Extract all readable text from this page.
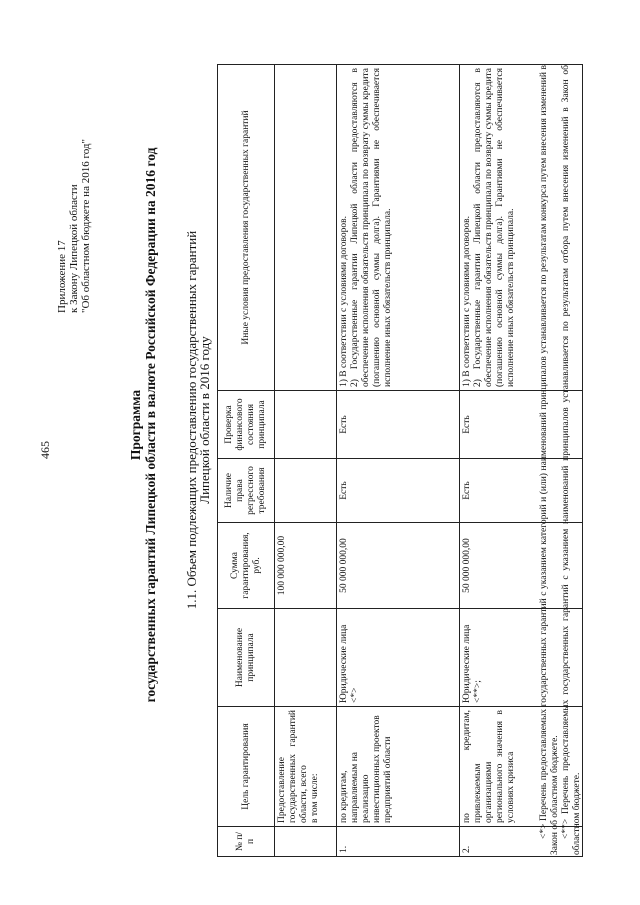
465
Приложение 17 к Закону Липецкой области "Об областном бюджете на 2016 год"
Программа государственных гарантий Липецкой области в валюте Российской Федерации на 2016 год 1.1. Объем подлежащих предоставлению государственных гарантий
Липецкой области в 2016 году
№ п/п	Цель гарантирования	Наименование принципала	Сумма гарантирования, руб.	Наличие права регрессного требования	Проверка финансового состояния принципала	Иные условия предоставления государственных гарантий

	Предоставление государственных гарантий области, всего в том числе:		100 000 000,00			
1.	по кредитам, направляемым на реализацию инвестиционных проектов предприятий области	Юридические лица <*>	50 000 000,00	Есть	Есть	1) В соответствии с условиями договоров. 2) Государственные гарантии Липецкой области предоставляются в обеспечение исполнения обязательств принципала по возврату суммы кредита (погашению основной суммы долга). Гарантиями не обеспечивается исполнение иных обязательств принципала.

2.	по кредитам, привлекаемым организациями регионального значения в условиях кризиса	Юридические лица <**>;	50 000 000,00	Есть	Есть	1) В соответствии с условиями договоров. 2) Государственные гарантии Липецкой области предоставляются в обеспечение исполнения обязательств принципала по возврату суммы кредита (погашению основной суммы долга). Гарантиями не обеспечивается исполнение иных обязательств принципала. <*> Перечень предоставляемых государственных гарантий с указанием категорий и (или) наименований принципалов устанавливается по результатам конкурса путем внесения изменений в Закон об областном бюджете. <**> Перечень предоставляемых государственных гарантий с указанием наименований принципалов устанавливается по результатам отбора путем внесения изменений в Закон об областном бюджете.
